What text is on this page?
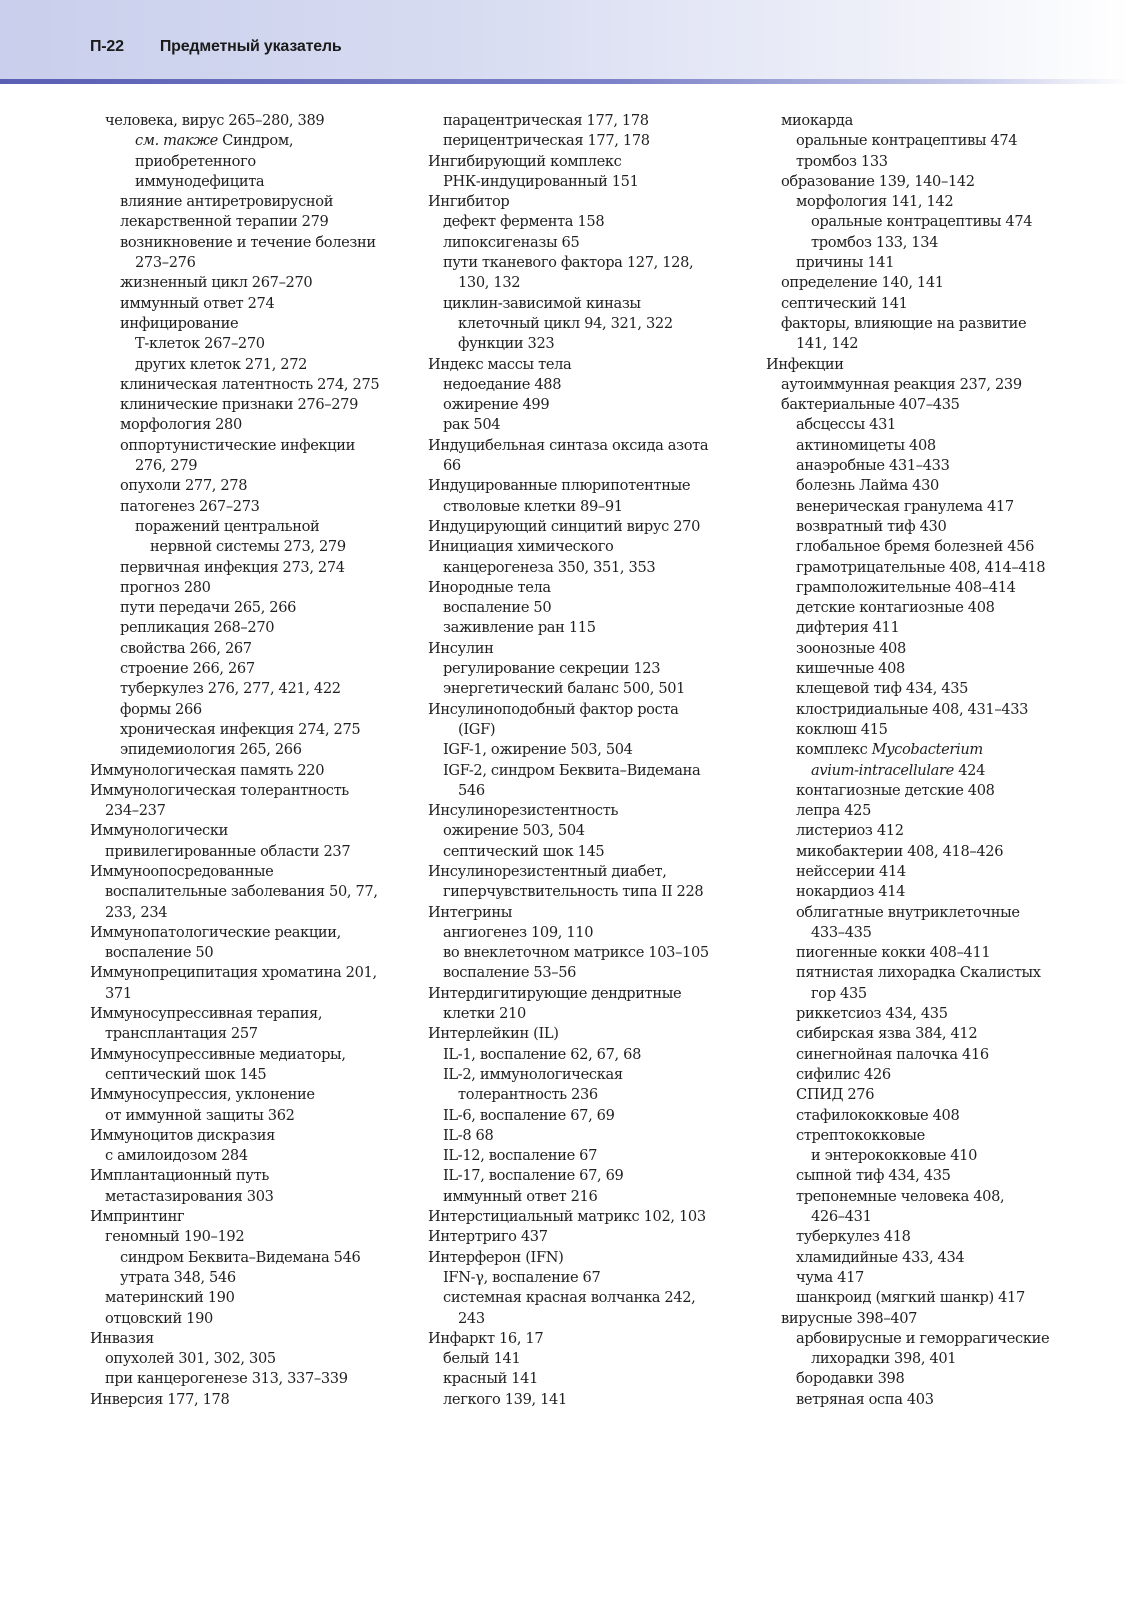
П-22 Предметный указатель
человека, вирус 265–280, 389
см. также Синдром,
приобретенного
иммунодефицита
влияние антиретровирусной
лекарственной терапии 279
возникновение и течение болезни
273–276
жизненный цикл 267–270
иммунный ответ 274
инфицирование
Т-клеток 267–270
других клеток 271, 272
клиническая латентность 274, 275
клинические признаки 276–279
морфология 280
оппортунистические инфекции
276, 279
опухоли 277, 278
патогенез 267–273
поражений центральной
нервной системы 273, 279
первичная инфекция 273, 274
прогноз 280
пути передачи 265, 266
репликация 268–270
свойства 266, 267
строение 266, 267
туберкулез 276, 277, 421, 422
формы 266
хроническая инфекция 274, 275
эпидемиология 265, 266
Иммунологическая память 220
Иммунологическая толерантность
234–237
Иммунологически
привилегированные области 237
Иммуноопосредованные
воспалительные заболевания 50, 77,
233, 234
Иммунопатологические реакции,
воспаление 50
Иммунопреципитация хроматина 201,
371
Иммуносупрессивная терапия,
трансплантация 257
Иммуносупрессивные медиаторы,
септический шок 145
Иммуносупрессия, уклонение
от иммунной защиты 362
Иммуноцитов дискразия
с амилоидозом 284
Имплантационный путь
метастазирования 303
Импринтинг
геномный 190–192
синдром Беквита–Видемана 546
утрата 348, 546
материнский 190
отцовский 190
Инвазия
опухолей 301, 302, 305
при канцерогенезе 313, 337–339
Инверсия 177, 178
парацентрическая 177, 178
перицентрическая 177, 178
Ингибирующий комплекс
РНК-индуцированный 151
Ингибитор
дефект фермента 158
липоксигеназы 65
пути тканевого фактора 127, 128,
130, 132
циклин-зависимой киназы
клеточный цикл 94, 321, 322
функции 323
Индекс массы тела
недоедание 488
ожирение 499
рак 504
Индуцибельная синтаза оксида азота
66
Индуцированные плюрипотентные
стволовые клетки 89–91
Индуцирующий синцитий вирус 270
Инициация химического
канцерогенеза 350, 351, 353
Инородные тела
воспаление 50
заживление ран 115
Инсулин
регулирование секреции 123
энергетический баланс 500, 501
Инсулиноподобный фактор роста
(IGF)
IGF-1, ожирение 503, 504
IGF-2, синдром Беквита–Видемана
546
Инсулинорезистентность
ожирение 503, 504
септический шок 145
Инсулинорезистентный диабет,
гиперчувствительность типа II 228
Интегрины
ангиогенез 109, 110
во внеклеточном матриксе 103–105
воспаление 53–56
Интердигитирующие дендритные
клетки 210
Интерлейкин (IL)
IL-1, воспаление 62, 67, 68
IL-2, иммунологическая
толерантность 236
IL-6, воспаление 67, 69
IL-8 68
IL-12, воспаление 67
IL-17, воспаление 67, 69
иммунный ответ 216
Интерстициальный матрикс 102, 103
Интертриго 437
Интерферон (IFN)
IFN-γ, воспаление 67
системная красная волчанка 242,
243
Инфаркт 16, 17
белый 141
красный 141
легкого 139, 141
миокарда
оральные контрацептивы 474
тромбоз 133
образование 139, 140–142
морфология 141, 142
оральные контрацептивы 474
тромбоз 133, 134
причины 141
определение 140, 141
септический 141
факторы, влияющие на развитие
141, 142
Инфекции
аутоиммунная реакция 237, 239
бактериальные 407–435
абсцессы 431
актиномицеты 408
анаэробные 431–433
болезнь Лайма 430
венерическая гранулема 417
возвратный тиф 430
глобальное бремя болезней 456
грамотрицательные 408, 414–418
грамположительные 408–414
детские контагиозные 408
дифтерия 411
зоонозные 408
кишечные 408
клещевой тиф 434, 435
клостридиальные 408, 431–433
коклюш 415
комплекс Mycobacterium
avium-intracellulare 424
контагиозные детские 408
лепра 425
листериоз 412
микобактерии 408, 418–426
нейссерии 414
нокардиоз 414
облигатные внутриклеточные
433–435
пиогенные кокки 408–411
пятнистая лихорадка Скалистых
гор 435
риккетсиоз 434, 435
сибирская язва 384, 412
синегнойная палочка 416
сифилис 426
СПИД 276
стафилококковые 408
стрептококковые
и энтерококковые 410
сыпной тиф 434, 435
трепонемные человека 408,
426–431
туберкулез 418
хламидийные 433, 434
чума 417
шанкроид (мягкий шанкр) 417
вирусные 398–407
арбовирусные и геморрагические
лихорадки 398, 401
бородавки 398
ветряная оспа 403
